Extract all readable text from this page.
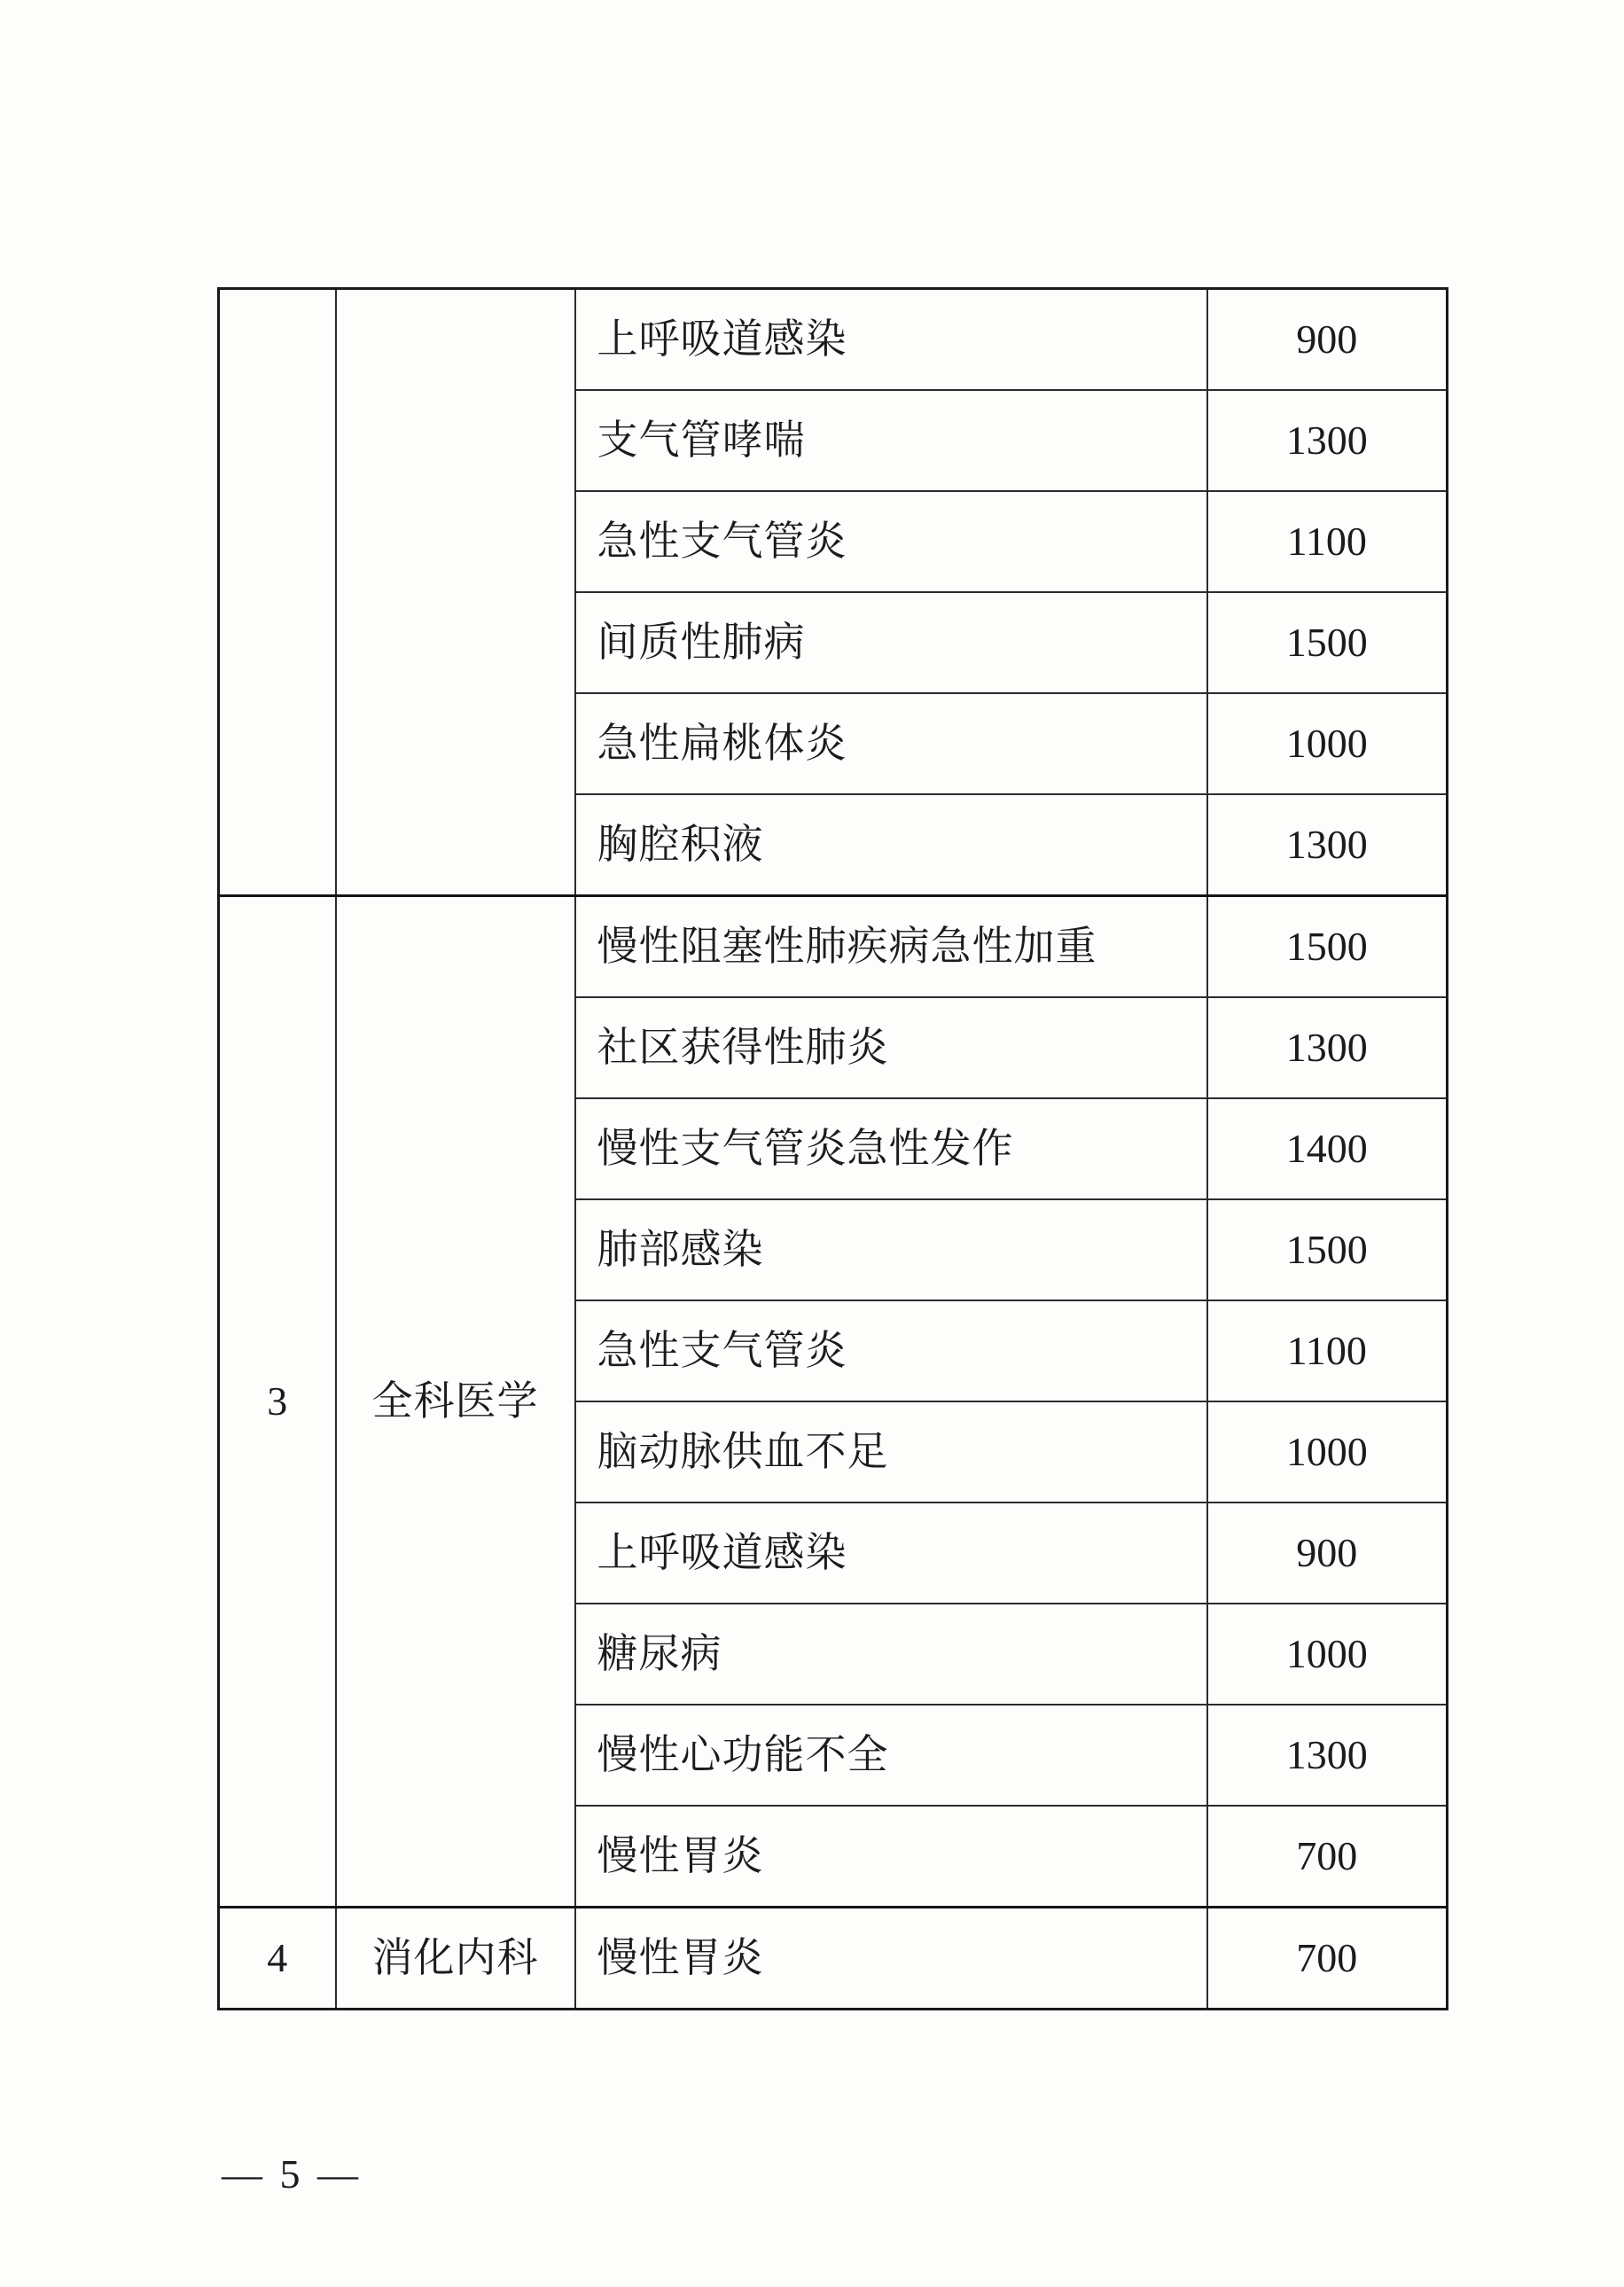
		上呼吸道感染	900
		支气管哮喘	1300
		急性支气管炎	1100
		间质性肺病	1500
		急性扁桃体炎	1000
		胸腔积液	1300
3	全科医学	慢性阻塞性肺疾病急性加重	1500
		社区获得性肺炎	1300
		慢性支气管炎急性发作	1400
		肺部感染	1500
		急性支气管炎	1100
		脑动脉供血不足	1000
		上呼吸道感染	900
		糖尿病	1000
		慢性心功能不全	1300
		慢性胃炎	700
4	消化内科	慢性胃炎	700
— 5 —
